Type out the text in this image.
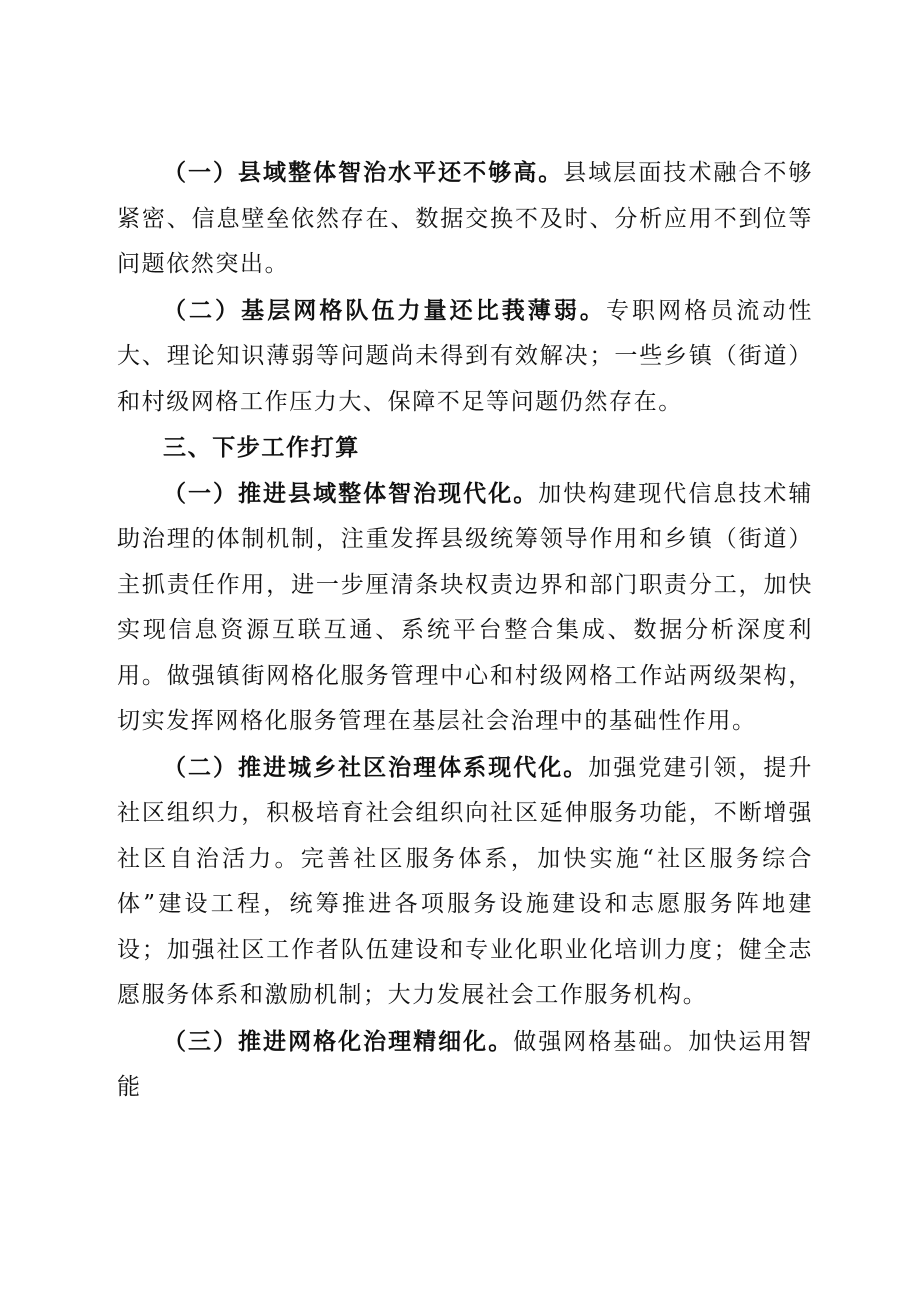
（一）县域整体智治水平还不够高。县域层面技术融合不够紧密、信息壁垒依然存在、数据交换不及时、分析应用不到位等问题依然突出。

（二）基层网格队伍力量还比莪薄弱。专职网格员流动性大、理论知识薄弱等问题尚未得到有效解决；一些乡镇（街道）和村级网格工作压力大、保障不足等问题仍然存在。

三、下步工作打算

（一）推进县域整体智治现代化。加快构建现代信息技术辅助治理的体制机制，注重发挥县级统筹领导作用和乡镇（街道）主抓责任作用，进一步厘清条块权责边界和部门职责分工，加快实现信息资源互联互通、系统平台整合集成、数据分析深度利用。做强镇街网格化服务管理中心和村级网格工作站两级架构，切实发挥网格化服务管理在基层社会治理中的基础性作用。

（二）推进城乡社区治理体系现代化。加强党建引领，提升社区组织力，积极培育社会组织向社区延伸服务功能，不断增强社区自治活力。完善社区服务体系，加快实施“社区服务综合体”建设工程，统筹推进各项服务设施建设和志愿服务阵地建设；加强社区工作者队伍建设和专业化职业化培训力度；健全志愿服务体系和激励机制；大力发展社会工作服务机构。

（三）推进网格化治理精细化。做强网格基础。加快运用智能
